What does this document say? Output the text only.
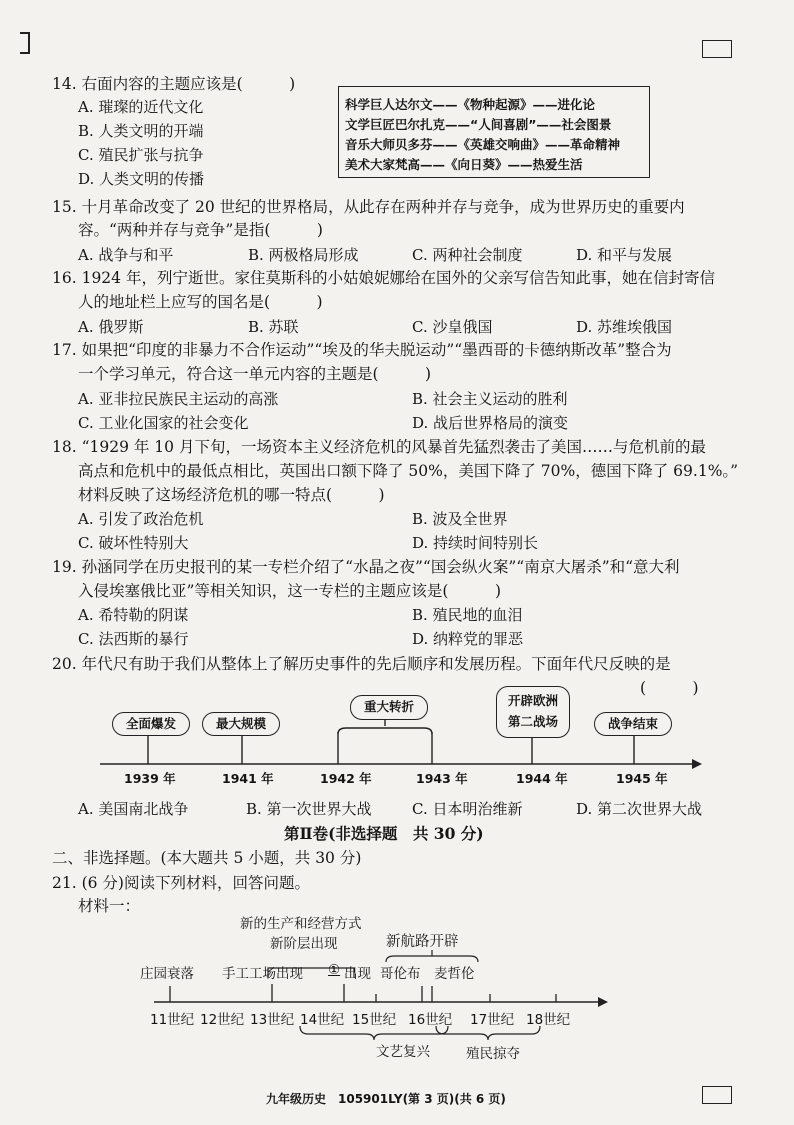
14. 右面内容的主题应该是(　　　)
A. 璀璨的近代文化
B. 人类文明的开端
C. 殖民扩张与抗争
D. 人类文明的传播
科学巨人达尔文——《物种起源》——进化论
文学巨匠巴尔扎克——“人间喜剧”——社会图景
音乐大师贝多芬——《英雄交响曲》——革命精神
美术大家梵高——《向日葵》——热爱生活
15. 十月革命改变了 20 世纪的世界格局，从此存在两种并存与竞争，成为世界历史的重要内
容。“两种并存与竞争”是指(　　　)
A. 战争与和平	B. 两极格局形成	C. 两种社会制度	D. 和平与发展
16. 1924 年，列宁逝世。家住莫斯科的小姑娘妮娜给在国外的父亲写信告知此事，她在信封寄信
人的地址栏上应写的国名是(　　　)
A. 俄罗斯	B. 苏联	C. 沙皇俄国	D. 苏维埃俄国
17. 如果把“印度的非暴力不合作运动”“埃及的华夫脱运动”“墨西哥的卡德纳斯改革”整合为
一个学习单元，符合这一单元内容的主题是(　　　)
A. 亚非拉民族民主运动的高涨	B. 社会主义运动的胜利
C. 工业化国家的社会变化	D. 战后世界格局的演变
18. “1929 年 10 月下旬，一场资本主义经济危机的风暴首先猛烈袭击了美国……与危机前的最
高点和危机中的最低点相比，英国出口额下降了 50%，美国下降了 70%，德国下降了 69.1%。”
材料反映了这场经济危机的哪一特点(　　　)
A. 引发了政治危机	B. 波及全世界
C. 破坏性特别大	D. 持续时间特别长
19. 孙涵同学在历史报刊的某一专栏介绍了“水晶之夜”“国会纵火案”“南京大屠杀”和“意大利
入侵埃塞俄比亚”等相关知识，这一专栏的主题应该是(　　　)
A. 希特勒的阴谋	B. 殖民地的血泪
C. 法西斯的暴行	D. 纳粹党的罪恶
20. 年代尺有助于我们从整体上了解历史事件的先后顺序和发展历程。下面年代尺反映的是
(　　　)
全面爆发	最大规模
重大转折	开辟欧洲
第二战场	战争结束
1939 年	1941 年	1942 年	1943 年	1944 年	1945 年
A. 美国南北战争	B. 第一次世界大战	C. 日本明治维新	D. 第二次世界大战
第Ⅱ卷(非选择题　共 30 分)
二、非选择题。(本大题共 5 小题，共 30 分)
21. (6 分)阅读下列材料，回答问题。
材料一：
新的生产和经营方式
新阶层出现	新航路开辟
庄园衰落 手工工场出现 ① 出现 哥伦布 麦哲伦
11世纪 12世纪 13世纪 14世纪 15世纪 16世纪 17世纪 18世纪
文艺复兴	殖民掠夺
九年级历史　105901LY(第 3 页)(共 6 页)
